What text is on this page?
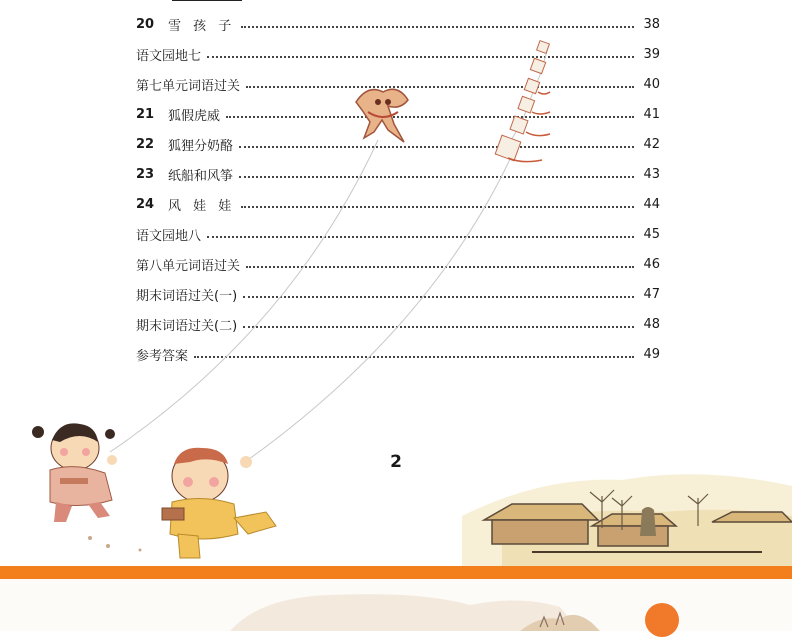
20	雪 孩 子	38
语文园地七	39
第七单元词语过关	40
21	狐假虎威	41
22	狐狸分奶酪	42
23	纸船和风筝	43
24	风 娃 娃	44
语文园地八	45
第八单元词语过关	46
期末词语过关(一)	47
期末词语过关(二)	48
参考答案	49
2
